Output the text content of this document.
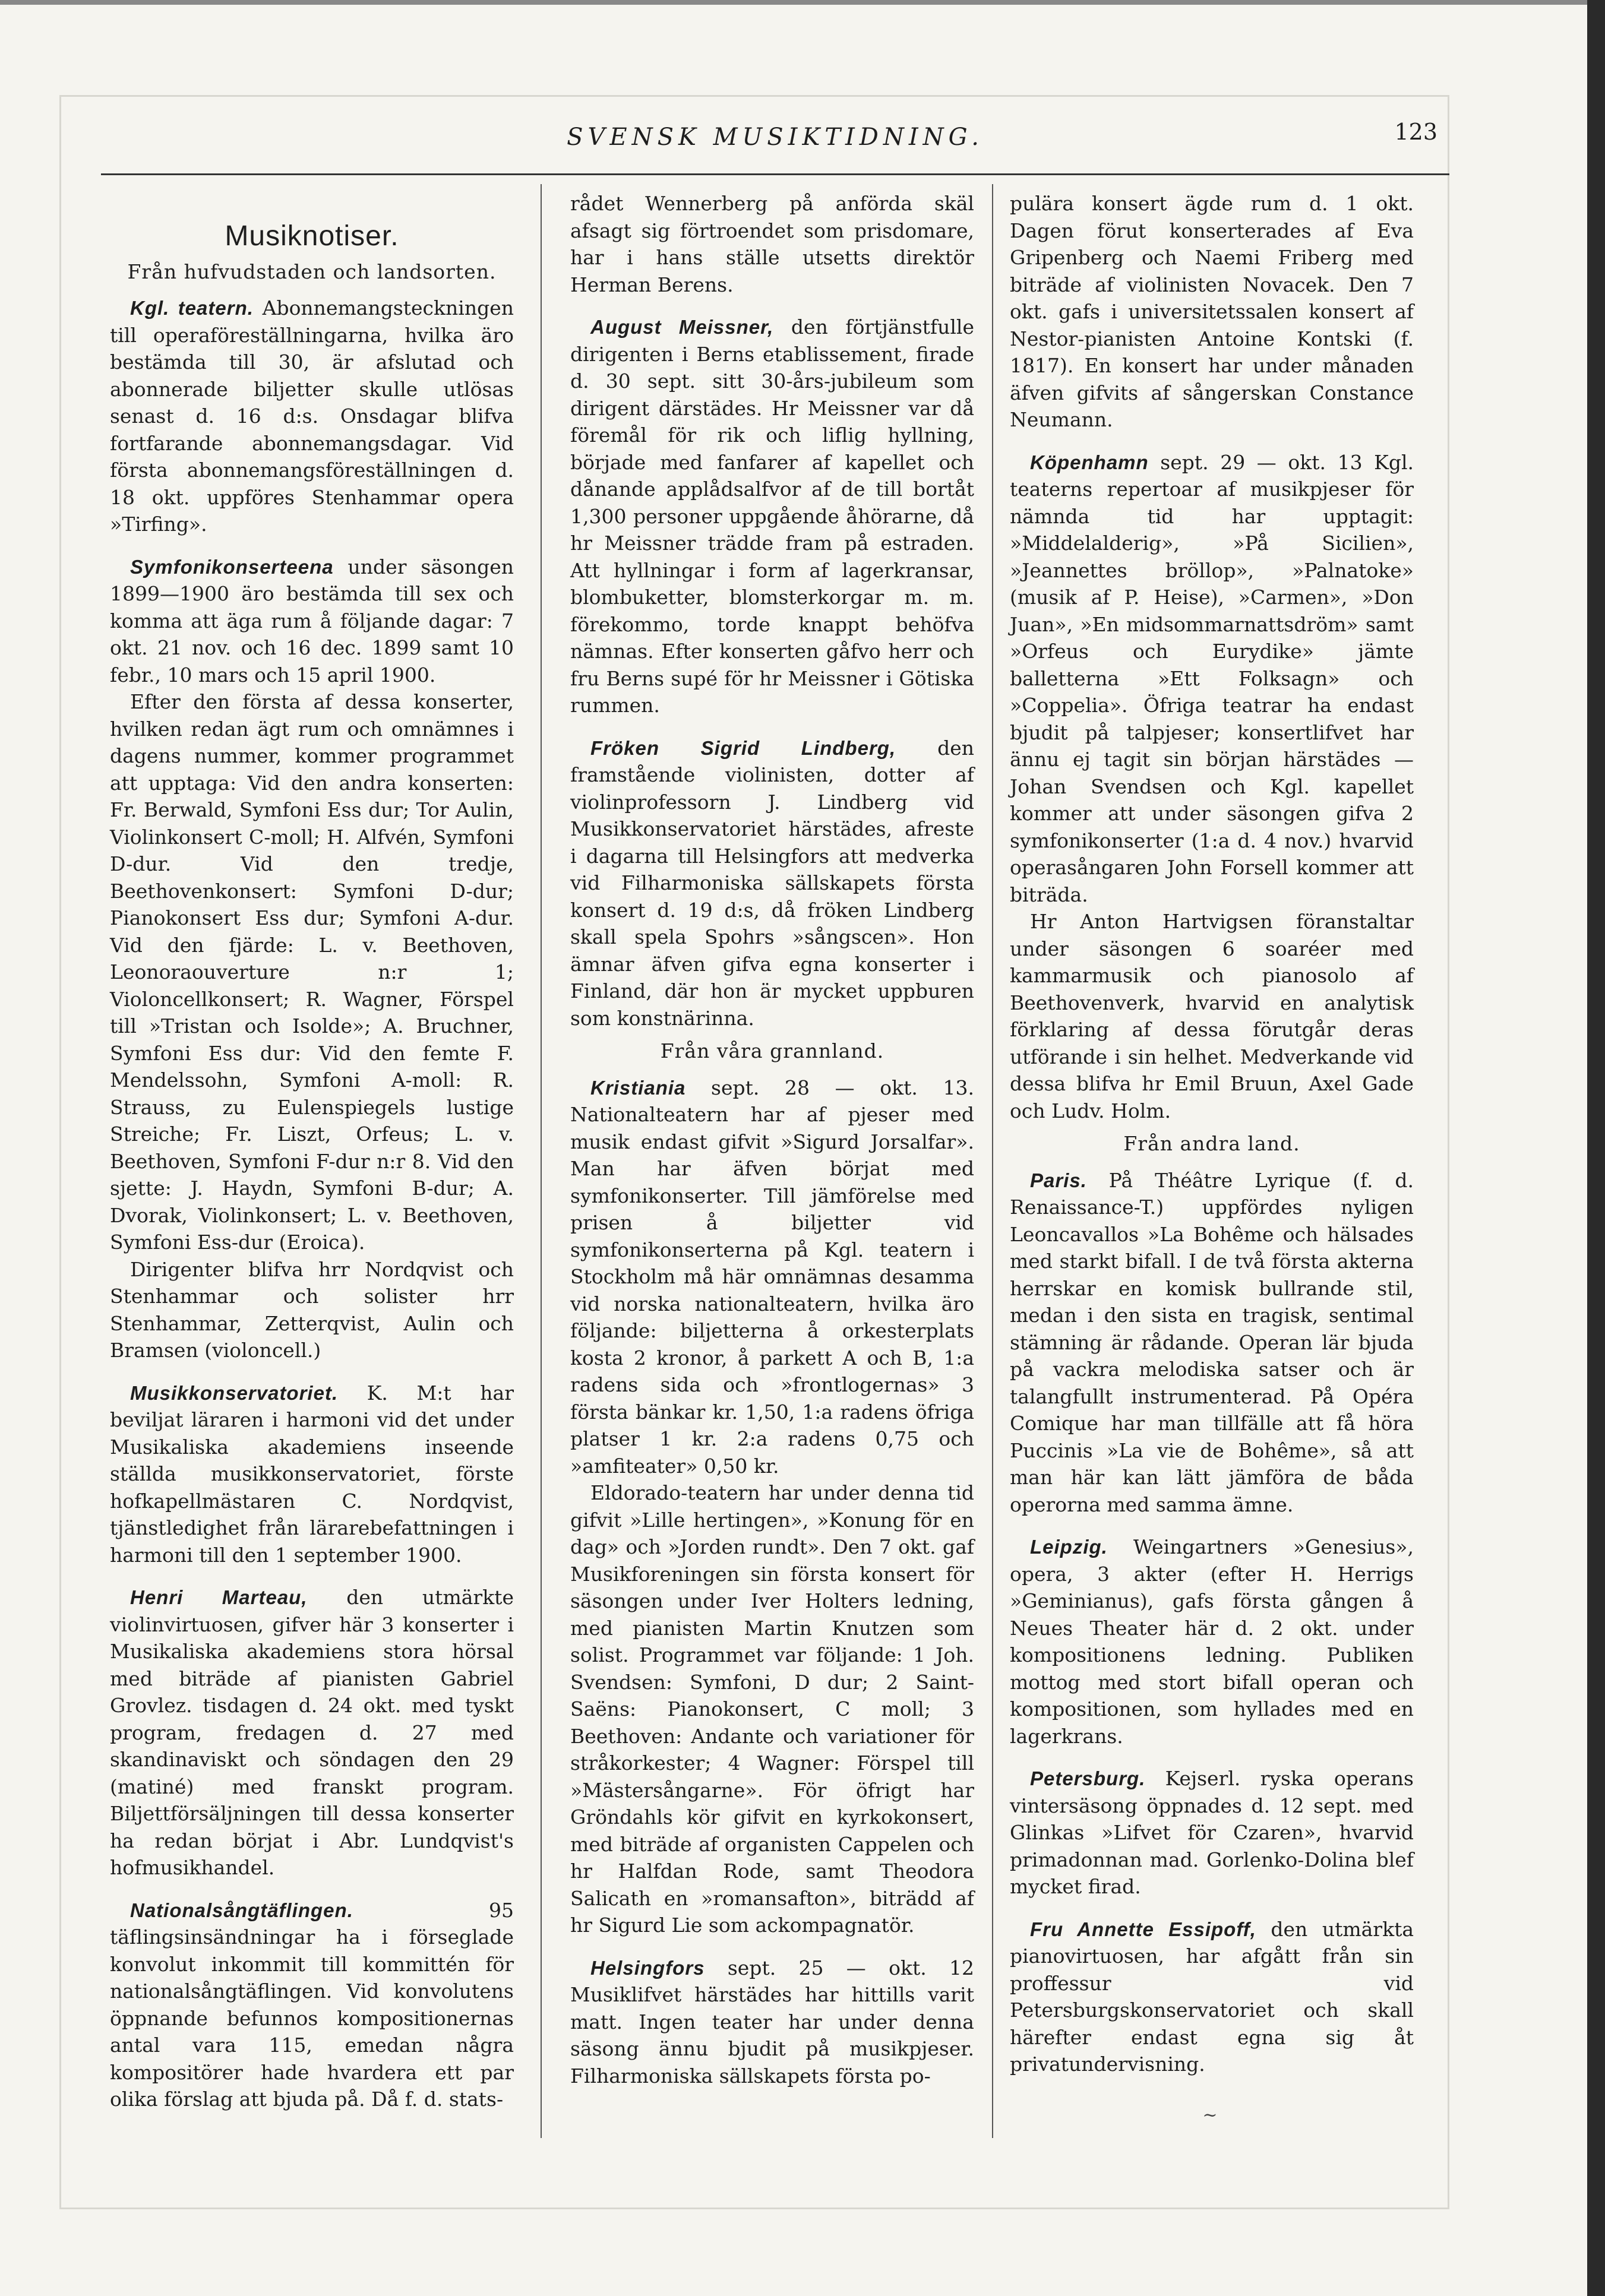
SVENSK MUSIKTIDNING.	123
Musiknotiser.
Från hufvudstaden och landsorten.

Kgl. teatern. Abonnemangsteckningen till operaföreställningarna, hvilka äro bestämda till 30, är afslutad och abonnerade biljetter skulle utlösas senast d. 16 d:s. Onsdagar blifva fortfarande abonnemangsdagar. Vid första abonnemangsföreställningen d. 18 okt. uppföres Stenhammar opera »Tirfing».

Symfonikonserteena under säsongen 1899—1900 äro bestämda till sex och komma att äga rum å följande dagar: 7 okt. 21 nov. och 16 dec. 1899 samt 10 febr., 10 mars och 15 april 1900.

Efter den första af dessa konserter, hvilken redan ägt rum och omnämnes i dagens nummer, kommer programmet att upptaga: Vid den andra konserten: Fr. Berwald, Symfoni Ess dur; Tor Aulin, Violinkonsert C-moll; H. Alfvén, Symfoni D-dur. Vid den tredje, Beethovenkonsert: Symfoni D-dur; Pianokonsert Ess dur; Symfoni A-dur. Vid den fjärde: L. v. Beethoven, Leonoraouverture n:r 1; Violoncellkonsert; R. Wagner, Förspel till »Tristan och Isolde»; A. Bruchner, Symfoni Ess dur: Vid den femte F. Mendelssohn, Symfoni A-moll: R. Strauss, zu Eulenspiegels lustige Streiche; Fr. Liszt, Orfeus; L. v. Beethoven, Symfoni F-dur n:r 8. Vid den sjette: J. Haydn, Symfoni B-dur; A. Dvorak, Violinkonsert; L. v. Beethoven, Symfoni Ess-dur (Eroica).

Dirigenter blifva hrr Nordqvist och Stenhammar och solister hrr Stenhammar, Zetterqvist, Aulin och Bramsen (violoncell.)

Musikkonservatoriet. K. M:t har beviljat läraren i harmoni vid det under Musikaliska akademiens inseende ställda musikkonservatoriet, förste hofkapellmästaren C. Nordqvist, tjänstledighet från lärarebefattningen i harmoni till den 1 september 1900.

Henri Marteau, den utmärkte violinvirtuosen, gifver här 3 konserter i Musikaliska akademiens stora hörsal med biträde af pianisten Gabriel Grovlez. tisdagen d. 24 okt. med tyskt program, fredagen d. 27 med skandinaviskt och söndagen den 29 (matiné) med franskt program. Biljettförsäljningen till dessa konserter ha redan börjat i Abr. Lundqvist's hofmusikhandel.

Nationalsångtäflingen.	95 täflingsinsändningar ha i förseglade konvolut inkommit till kommittén för nationalsångtäflingen. Vid konvolutens öppnande befunnos kompositionernas antal vara 115, emedan några kompositörer hade hvardera ett par olika förslag att bjuda på. Då f. d. stats-

rådet Wennerberg på anförda skäl afsagt sig förtroendet som prisdomare, har i hans ställe utsetts direktör Herman Berens.

August Meissner, den förtjänstfulle dirigenten i Berns etablissement, firade d. 30 sept. sitt 30-års-jubileum som dirigent därstädes. Hr Meissner var då föremål för rik och liflig hyllning, började med fanfarer af kapellet och dånande applådsalfvor af de till bortåt 1,300 personer uppgående åhörarne, då hr Meissner trädde fram på estraden. Att hyllningar i form af lagerkransar, blombuketter, blomsterkorgar m. m. förekommo, torde knappt behöfva nämnas. Efter konserten gåfvo herr och fru Berns supé för hr Meissner i Götiska rummen.

Fröken Sigrid Lindberg, den framstående violinisten, dotter af violinprofessorn J. Lindberg vid Musikkonservatoriet härstädes, afreste i dagarna till Helsingfors att medverka vid Filharmoniska sällskapets första konsert d. 19 d:s, då fröken Lindberg skall spela Spohrs »sångscen». Hon ämnar äfven gifva egna konserter i Finland, där hon är mycket uppburen som konstnärinna.

Från våra grannland.

Kristiania sept. 28 — okt. 13. Nationalteatern har af pjeser med musik endast gifvit »Sigurd Jorsalfar». Man har äfven börjat med symfonikonserter. Till jämförelse med prisen å biljetter vid symfonikonserterna på Kgl. teatern i Stockholm må här omnämnas desamma vid norska nationalteatern, hvilka äro följande: biljetterna å orkesterplats kosta 2 kronor, å parkett A och B, 1:a radens sida och »frontlogernas» 3 första bänkar kr. 1,50, 1:a radens öfriga platser 1 kr. 2:a radens 0,75 och »amfiteater» 0,50 kr.

Eldorado-teatern har under denna tid gifvit »Lille hertingen», »Konung för en dag» och »Jorden rundt». Den 7 okt. gaf Musikforeningen sin första konsert för säsongen under Iver Holters ledning, med pianisten Martin Knutzen som solist. Programmet var följande: 1 Joh. Svendsen: Symfoni, D dur; 2 Saint-Saëns: Pianokonsert, C moll; 3 Beethoven: Andante och variationer för stråkorkester; 4 Wagner: Förspel till »Mästersångarne». För öfrigt har Gröndahls kör gifvit en kyrkokonsert, med biträde af organisten Cappelen och hr Halfdan Rode, samt Theodora Salicath en »romansafton», biträdd af hr Sigurd Lie som ackompagnatör.

Helsingfors sept. 25 — okt. 12 Musiklifvet härstädes har hittills varit matt. Ingen teater har under denna säsong ännu bjudit på musikpjeser. Filharmoniska sällskapets första po-

pulära konsert ägde rum d. 1 okt. Dagen förut konserterades af Eva Gripenberg och Naemi Friberg med biträde af violinisten Novacek. Den 7 okt. gafs i universitetssalen konsert af Nestor-pianisten Antoine Kontski (f. 1817). En konsert har under månaden äfven gifvits af sångerskan Constance Neumann.

Köpenhamn sept. 29 — okt. 13 Kgl. teaterns repertoar af musikpjeser för nämnda tid har upptagit: »Middelalderig», »På Sicilien», »Jeannettes bröllop», »Palnatoke» (musik af P. Heise), »Carmen», »Don Juan», »En midsommarnattsdröm» samt »Orfeus och Eurydike» jämte balletterna »Ett Folksagn» och »Coppelia». Öfriga teatrar ha endast bjudit på talpjeser; konsertlifvet har ännu ej tagit sin början härstädes — Johan Svendsen och Kgl. kapellet kommer att under säsongen gifva 2 symfonikonserter (1:a d. 4 nov.) hvarvid operasångaren John Forsell kommer att biträda.

Hr Anton Hartvigsen föranstaltar under säsongen 6 soaréer med kammarmusik och pianosolo af Beethovenverk, hvarvid en analytisk förklaring af dessa förutgår deras utförande i sin helhet. Medverkande vid dessa blifva hr Emil Bruun, Axel Gade och Ludv. Holm.

Från andra land.

Paris. På Théâtre Lyrique (f. d. Renaissance-T.) uppfördes nyligen Leoncavallos »La Bohême och hälsades med starkt bifall. I de två första akterna herrskar en komisk bullrande stil, medan i den sista en tragisk, sentimal stämning är rådande. Operan lär bjuda på vackra melodiska satser och är talangfullt instrumenterad. På Opéra Comique har man tillfälle att få höra Puccinis »La vie de Bohême», så att man här kan lätt jämföra de båda operorna med samma ämne.

Leipzig. Weingartners »Genesius», opera, 3 akter (efter H. Herrigs »Geminianus), gafs första gången å Neues Theater här d. 2 okt. under kompositionens ledning. Publiken mottog med stort bifall operan och kompositionen, som hyllades med en lagerkrans.

Petersburg. Kejserl. ryska operans vintersäsong öppnades d. 12 sept. med Glinkas »Lifvet för Czaren», hvarvid primadonnan mad. Gorlenko-Dolina blef mycket firad.

Fru Annette Essipoff, den utmärkta pianovirtuosen, har afgått från sin proffessur vid Petersburgskonservatoriet och skall härefter endast egna sig åt privatundervisning.

~
